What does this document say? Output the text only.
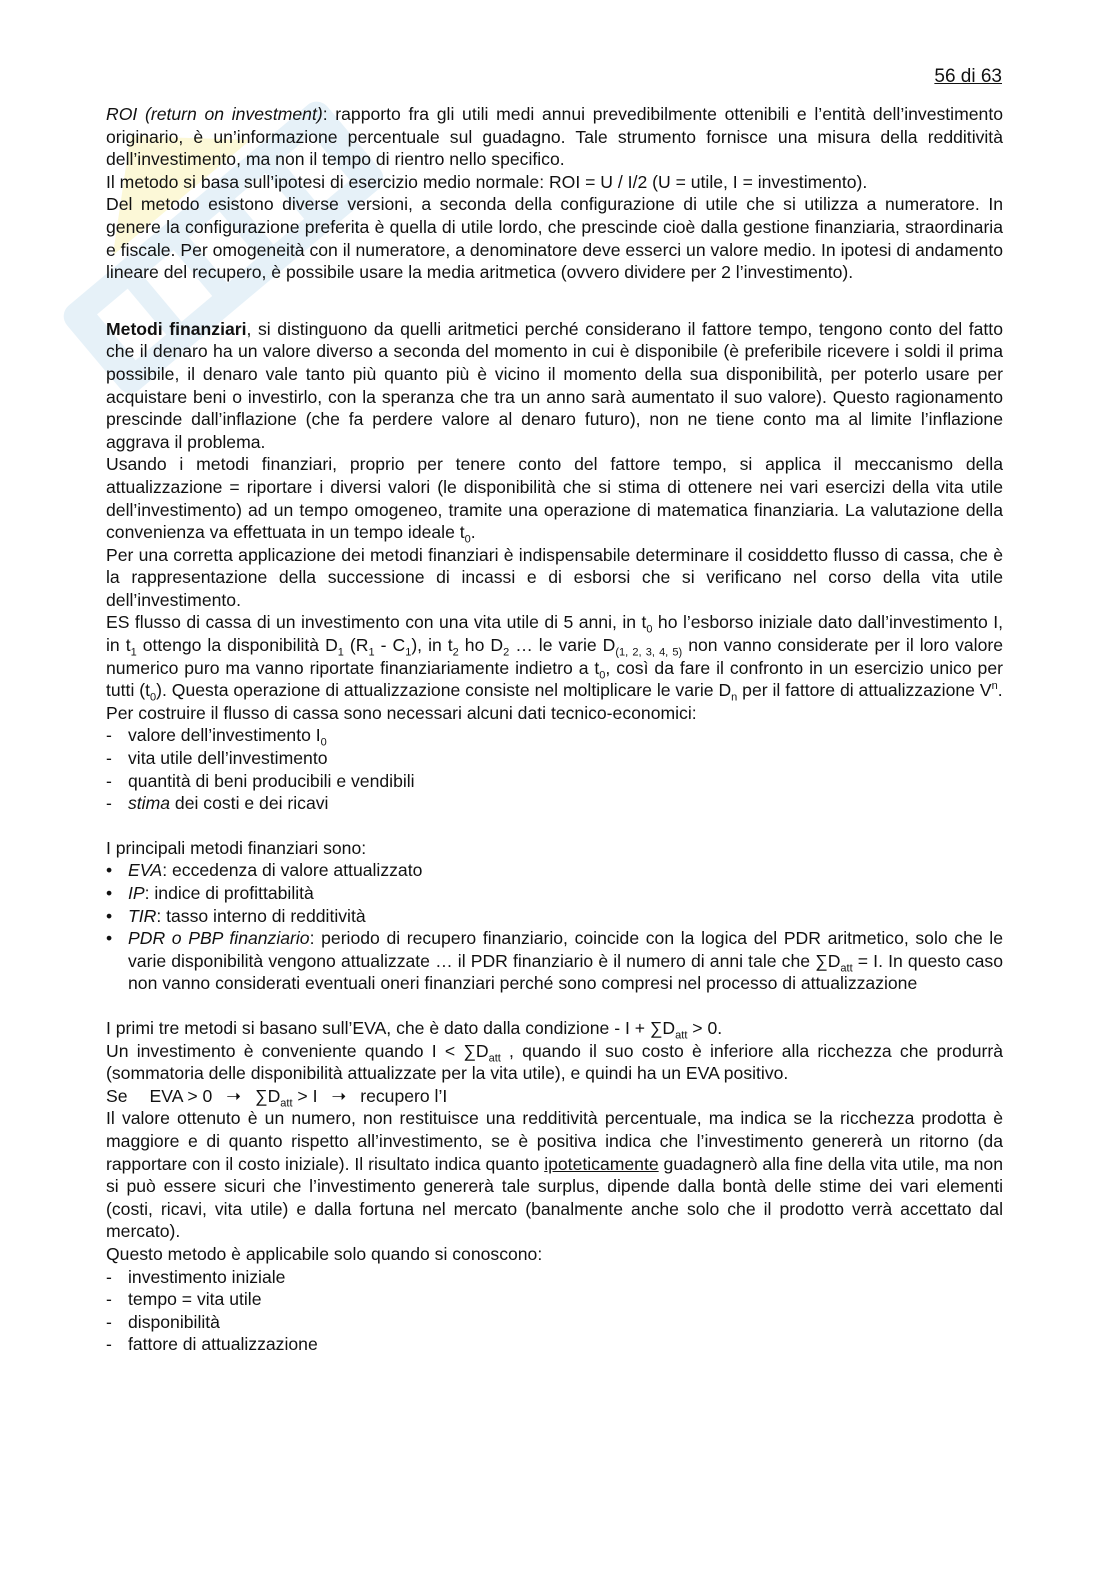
56 di 63

ROI (return on investment): rapporto fra gli utili medi annui prevedibilmente ottenibili e l’entità dell’investimento originario, è un’informazione percentuale sul guadagno. Tale strumento fornisce una misura della redditività dell’investimento, ma non il tempo di rientro nello specifico.

Il metodo si basa sull’ipotesi di esercizio medio normale: ROI = U / I/2 (U = utile, I = investimento).

Del metodo esistono diverse versioni, a seconda della configurazione di utile che si utilizza a numeratore. In genere la configurazione preferita è quella di utile lordo, che prescinde cioè dalla gestione finanziaria, straordinaria e fiscale. Per omogeneità con il numeratore, a denominatore deve esserci un valore medio. In ipotesi di andamento lineare del recupero, è possibile usare la media aritmetica (ovvero dividere per 2 l’investimento).

Metodi finanziari, si distinguono da quelli aritmetici perché considerano il fattore tempo, tengono conto del fatto che il denaro ha un valore diverso a seconda del momento in cui è disponibile (è preferibile ricevere i soldi il prima possibile, il denaro vale tanto più quanto più è vicino il momento della sua disponibilità, per poterlo usare per acquistare beni o investirlo, con la speranza che tra un anno sarà aumentato il suo valore). Questo ragionamento prescinde dall’inflazione (che fa perdere valore al denaro futuro), non ne tiene conto ma al limite l’inflazione aggrava il problema.

Usando i metodi finanziari, proprio per tenere conto del fattore tempo, si applica il meccanismo della attualizzazione = riportare i diversi valori (le disponibilità che si stima di ottenere nei vari esercizi della vita utile dell’investimento) ad un tempo omogeneo, tramite una operazione di matematica finanziaria. La valutazione della convenienza va effettuata in un tempo ideale $t_0$.

Per una corretta applicazione dei metodi finanziari è indispensabile determinare il cosiddetto flusso di cassa, che è la rappresentazione della successione di incassi e di esborsi che si verificano nel corso della vita utile dell’investimento.

ES flusso di cassa di un investimento con una vita utile di 5 anni, in $t_0$ ho l’esborso iniziale dato dall’investimento I, in $t_1$ ottengo la disponibilità $D_1$ $(R_1 - C_1)$, in $t_2$ ho $D_2$ … le varie $D_{(1, 2, 3, 4, 5)}$ non vanno considerate per il loro valore numerico puro ma vanno riportate finanziariamente indietro a $t_0$, così da fare il confronto in un esercizio unico per tutti $(t_0)$. Questa operazione di attualizzazione consiste nel moltiplicare le varie $D_n$ per il fattore di attualizzazione $V^n$.

Per costruire il flusso di cassa sono necessari alcuni dati tecnico-economici:

- valore dell’investimento $I_0$
- vita utile dell’investimento
- quantità di beni producibili e vendibili
- stima dei costi e dei ricavi

I principali metodi finanziari sono:

• EVA: eccedenza di valore attualizzato
• IP: indice di profittabilità
• TIR: tasso interno di redditività
• PDR o PBP finanziario: periodo di recupero finanziario, coincide con la logica del PDR aritmetico, solo che le varie disponibilità vengono attualizzate … il PDR finanziario è il numero di anni tale che $\sum D_{att} = I$. In questo caso non vanno considerati eventuali oneri finanziari perché sono compresi nel processo di attualizzazione

I primi tre metodi si basano sull’EVA, che è dato dalla condizione - $I + \sum D_{att} > 0$.

Un investimento è conveniente quando $I < \sum D_{att}$ , quando il suo costo è inferiore alla ricchezza che produrrà (sommatoria delle disponibilità attualizzate per la vita utile), e quindi ha un EVA positivo.

Se EVA > 0 ➝ $\sum D_{att} > I$ ➝ recupero l’I

Il valore ottenuto è un numero, non restituisce una redditività percentuale, ma indica se la ricchezza prodotta è maggiore e di quanto rispetto all’investimento, se è positiva indica che l’investimento genererà un ritorno (da rapportare con il costo iniziale). Il risultato indica quanto ipoteticamente guadagnerò alla fine della vita utile, ma non si può essere sicuri che l’investimento genererà tale surplus, dipende dalla bontà delle stime dei vari elementi (costi, ricavi, vita utile) e dalla fortuna nel mercato (banalmente anche solo che il prodotto verrà accettato dal mercato).

Questo metodo è applicabile solo quando si conoscono:

- investimento iniziale
- tempo = vita utile
- disponibilità
- fattore di attualizzazione
